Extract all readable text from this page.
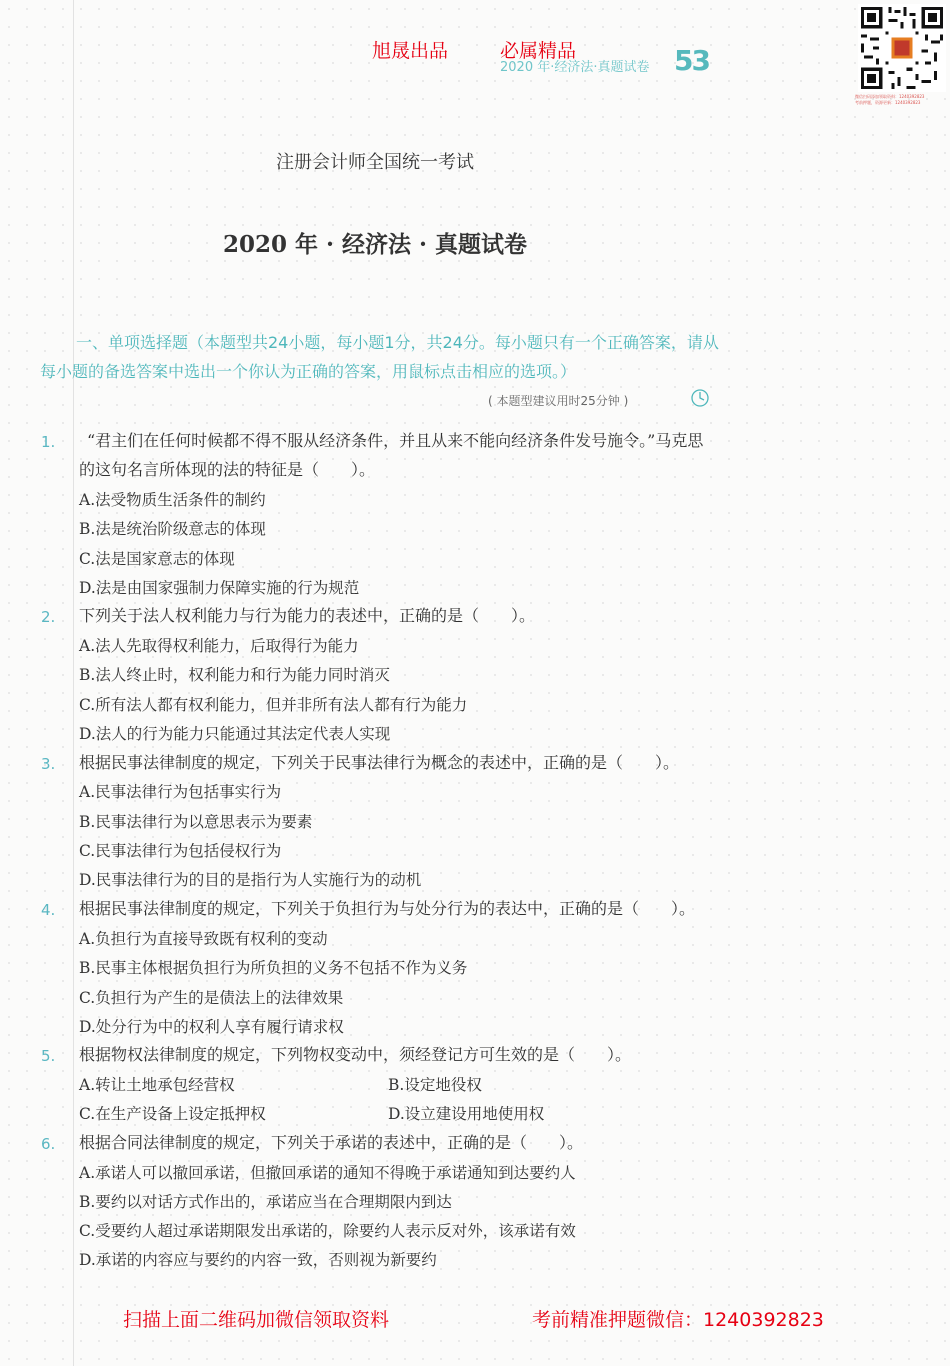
旭晟出品	必属精品
2020 年·经济法·真题试卷 53
微信扫码添加领取资料：1240392823
考前押题，资源更新：1240392823
注册会计师全国统一考试
2020 年 · 经济法 · 真题试卷
一、单项选择题（本题型共24小题，每小题1分，共24分。每小题只有一个正确答案，请从每小题的备选答案中选出一个你认为正确的答案，用鼠标点击相应的选项。）
( 本题型建议用时25分钟 )
1.	“君主们在任何时候都不得不服从经济条件，并且从来不能向经济条件发号施令。”马克思的这句名言所体现的法的特征是（　　）。
A.法受物质生活条件的制约
B.法是统治阶级意志的体现
C.法是国家意志的体现
D.法是由国家强制力保障实施的行为规范
2. 下列关于法人权利能力与行为能力的表述中，正确的是（　　）。
A.法人先取得权利能力，后取得行为能力
B.法人终止时，权利能力和行为能力同时消灭
C.所有法人都有权利能力，但并非所有法人都有行为能力
D.法人的行为能力只能通过其法定代表人实现
3. 根据民事法律制度的规定，下列关于民事法律行为概念的表述中，正确的是（　　）。
A.民事法律行为包括事实行为
B.民事法律行为以意思表示为要素
C.民事法律行为包括侵权行为
D.民事法律行为的目的是指行为人实施行为的动机
4. 根据民事法律制度的规定，下列关于负担行为与处分行为的表达中，正确的是（　　）。
A.负担行为直接导致既有权利的变动
B.民事主体根据负担行为所负担的义务不包括不作为义务
C.负担行为产生的是债法上的法律效果
D.处分行为中的权利人享有履行请求权
5. 根据物权法律制度的规定，下列物权变动中，须经登记方可生效的是（　　）。
A.转让土地承包经营权	B.设定地役权
C.在生产设备上设定抵押权	D.设立建设用地使用权
6. 根据合同法律制度的规定，下列关于承诺的表述中，正确的是（　　）。
A.承诺人可以撤回承诺，但撤回承诺的通知不得晚于承诺通知到达要约人
B.要约以对话方式作出的，承诺应当在合理期限内到达
C.受要约人超过承诺期限发出承诺的，除要约人表示反对外，该承诺有效
D.承诺的内容应与要约的内容一致，否则视为新要约
扫描上面二维码加微信领取资料	考前精准押题微信：1240392823
